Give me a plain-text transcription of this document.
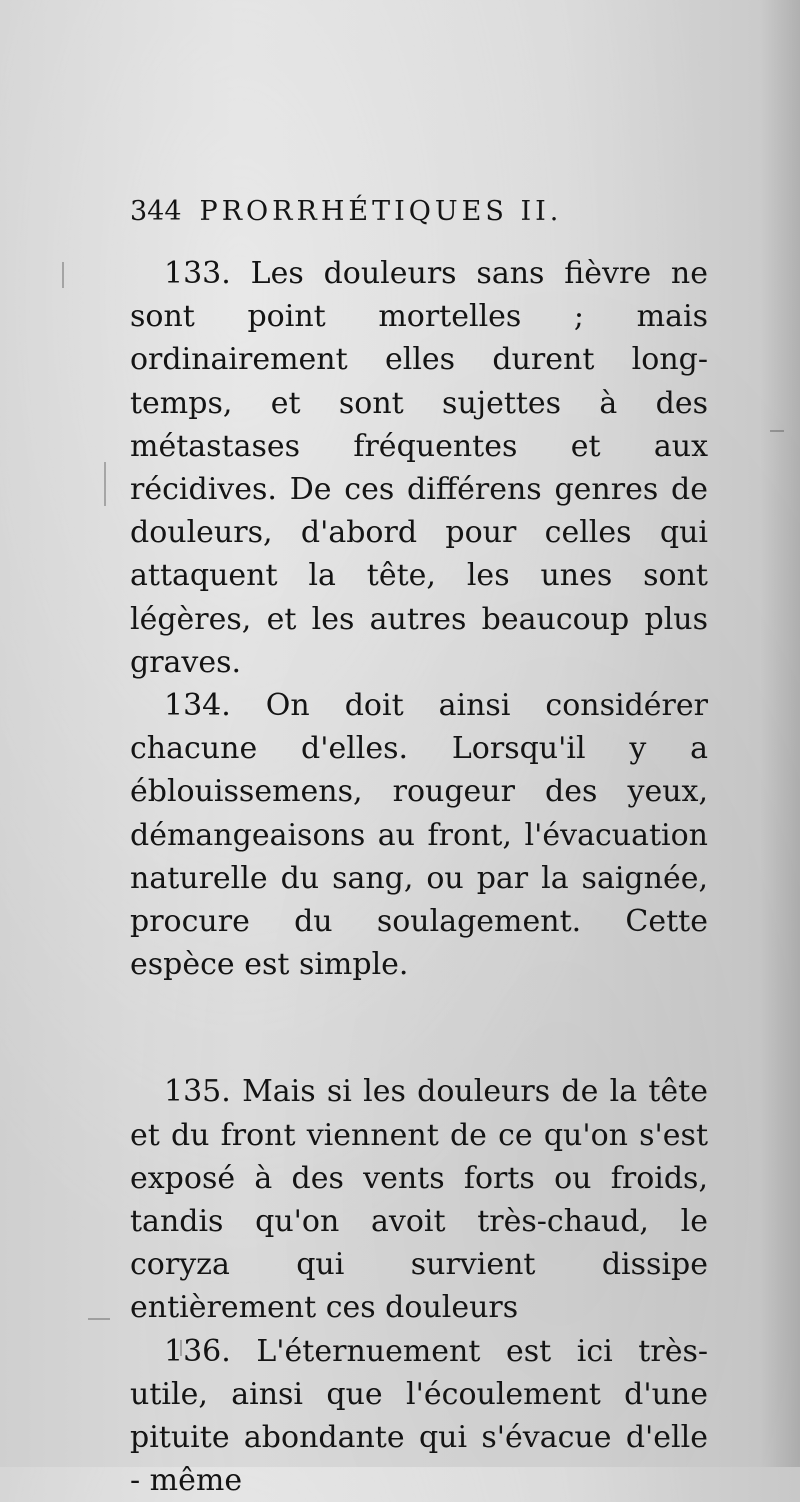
344 PRORRHÉTIQUES II.

133. Les douleurs sans fièvre ne sont point mortelles ; mais ordinairement elles durent long-temps, et sont sujettes à des métastases fréquentes et aux récidives. De ces différens genres de douleurs, d'abord pour celles qui attaquent la tête, les unes sont légères, et les autres beaucoup plus graves.

134. On doit ainsi considérer chacune d'elles. Lorsqu'il y a éblouissemens, rougeur des yeux, démangeaisons au front, l'évacuation naturelle du sang, ou par la saignée, procure du soulagement. Cette espèce est simple.

135. Mais si les douleurs de la tête et du front viennent de ce qu'on s'est exposé à des vents forts ou froids, tandis qu'on avoit très-chaud, le coryza qui survient dissipe entièrement ces douleurs

136. L'éternuement est ici très-utile, ainsi que l'écoulement d'une pituite abondante qui s'évacue d'elle - même
